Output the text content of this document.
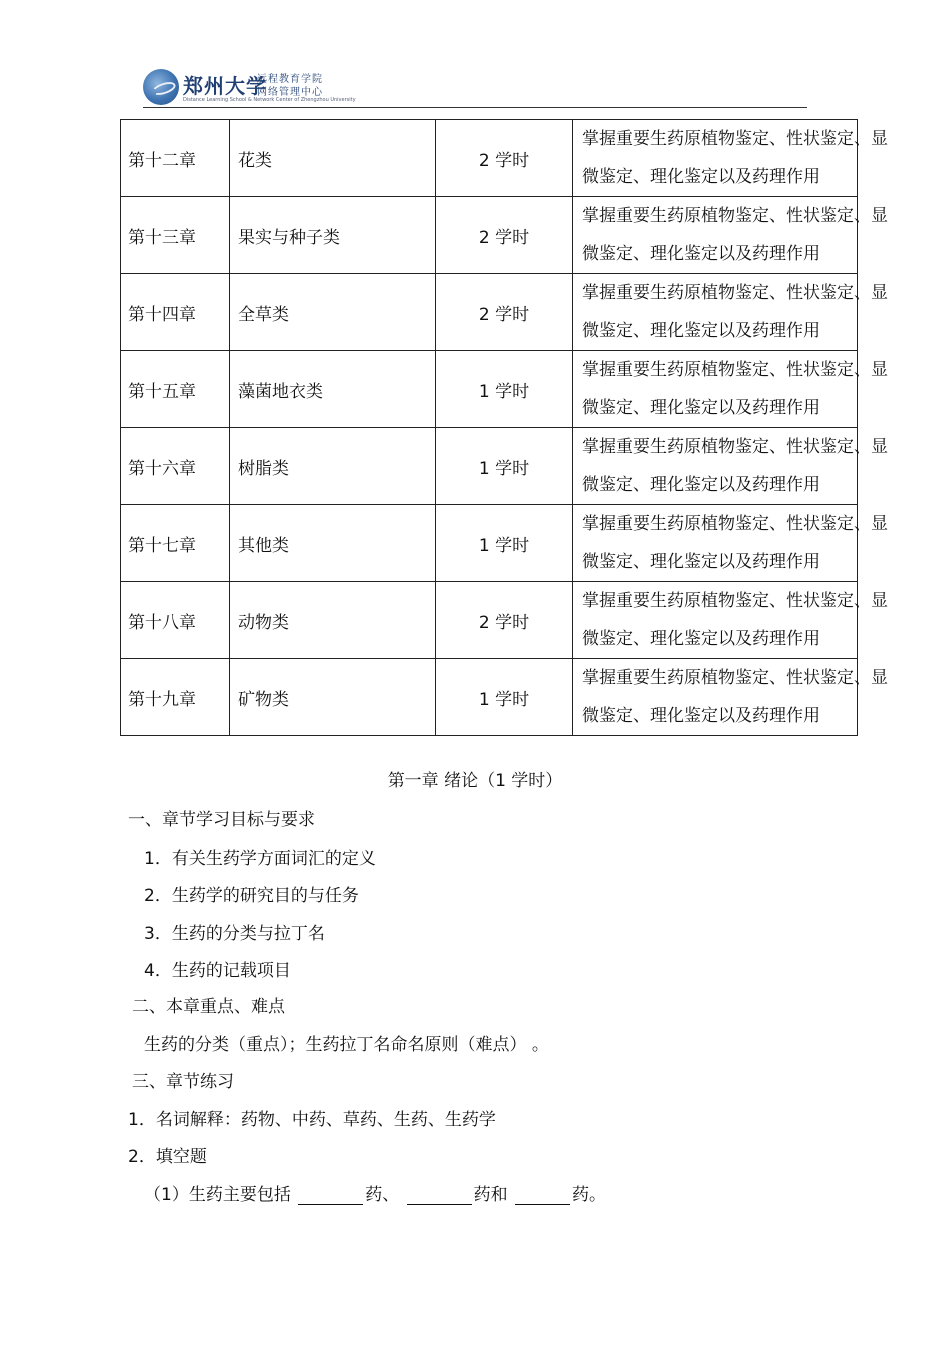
郑州大学
远程教育学院
网络管理中心
Distance Learning School & Network Center of Zhengzhou University
第十二章	花类	2 学时	掌握重要生药原植物鉴定、性状鉴定、显
微鉴定、理化鉴定以及药理作用

第十三章	果实与种子类	2 学时	掌握重要生药原植物鉴定、性状鉴定、显
微鉴定、理化鉴定以及药理作用

第十四章	全草类	2 学时	掌握重要生药原植物鉴定、性状鉴定、显
微鉴定、理化鉴定以及药理作用

第十五章	藻菌地衣类	1 学时	掌握重要生药原植物鉴定、性状鉴定、显
微鉴定、理化鉴定以及药理作用

第十六章	树脂类	1 学时	掌握重要生药原植物鉴定、性状鉴定、显
微鉴定、理化鉴定以及药理作用

第十七章	其他类	1 学时	掌握重要生药原植物鉴定、性状鉴定、显
微鉴定、理化鉴定以及药理作用

第十八章	动物类	2 学时	掌握重要生药原植物鉴定、性状鉴定、显
微鉴定、理化鉴定以及药理作用

第十九章	矿物类	1 学时	掌握重要生药原植物鉴定、性状鉴定、显
微鉴定、理化鉴定以及药理作用
第一章 绪论（1 学时）
一、章节学习目标与要求
1．有关生药学方面词汇的定义
2．生药学的研究目的与任务
3．生药的分类与拉丁名
4．生药的记载项目
二、本章重点、难点
生药的分类（重点）；生药拉丁名命名原则（难点） 。
三、章节练习
1．名词解释：药物、中药、草药、生药、生药学
2．填空题
（1）生药主要包括	药、	药和	药。
